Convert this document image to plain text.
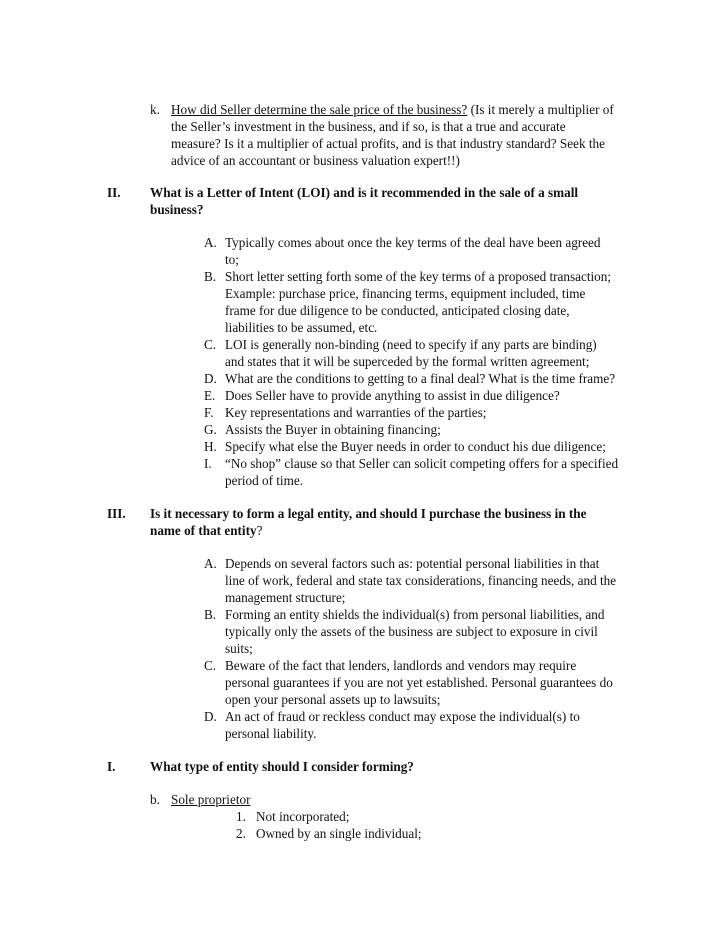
k. How did Seller determine the sale price of the business? (Is it merely a multiplier of
the Seller’s investment in the business, and if so, is that a true and accurate
measure? Is it a multiplier of actual profits, and is that industry standard? Seek the
advice of an accountant or business valuation expert!!)
II. What is a Letter of Intent (LOI) and is it recommended in the sale of a small
business?
A. Typically comes about once the key terms of the deal have been agreed
to;
B. Short letter setting forth some of the key terms of a proposed transaction;
Example: purchase price, financing terms, equipment included, time
frame for due diligence to be conducted, anticipated closing date,
liabilities to be assumed, etc.
C. LOI is generally non-binding (need to specify if any parts are binding)
and states that it will be superceded by the formal written agreement;
D. What are the conditions to getting to a final deal? What is the time frame?
E. Does Seller have to provide anything to assist in due diligence?
F. Key representations and warranties of the parties;
G. Assists the Buyer in obtaining financing;
H. Specify what else the Buyer needs in order to conduct his due diligence;
I. “No shop” clause so that Seller can solicit competing offers for a specified
period of time.
III. Is it necessary to form a legal entity, and should I purchase the business in the
name of that entity?
A. Depends on several factors such as: potential personal liabilities in that
line of work, federal and state tax considerations, financing needs, and the
management structure;
B. Forming an entity shields the individual(s) from personal liabilities, and
typically only the assets of the business are subject to exposure in civil
suits;
C. Beware of the fact that lenders, landlords and vendors may require
personal guarantees if you are not yet established. Personal guarantees do
open your personal assets up to lawsuits;
D. An act of fraud or reckless conduct may expose the individual(s) to
personal liability.
I.	What type of entity should I consider forming?
b. Sole proprietor
1. Not incorporated;
2. Owned by an single individual;
